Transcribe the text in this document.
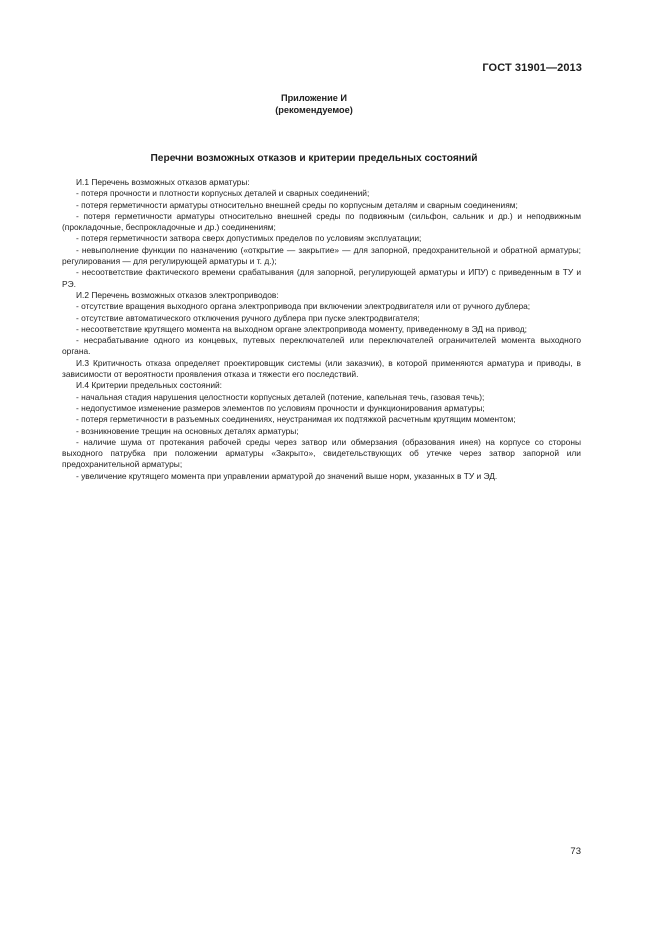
ГОСТ 31901—2013
Приложение И
(рекомендуемое)
Перечни возможных отказов и критерии предельных состояний

И.1 Перечень возможных отказов арматуры:

- потеря прочности и плотности корпусных деталей и сварных соединений;

- потеря герметичности арматуры относительно внешней среды по корпусным деталям и сварным соединениям;

- потеря герметичности арматуры относительно внешней среды по подвижным (сильфон, сальник и др.) и неподвижным (прокладочные, беспрокладочные и др.) соединениям;

- потеря герметичности затвора сверх допустимых пределов по условиям эксплуатации;

- невыполнение функции по назначению («открытие — закрытие» — для запорной, предохранительной и обратной арматуры; регулирования — для регулирующей арматуры и т. д.);

- несоответствие фактического времени срабатывания (для запорной, регулирующей арматуры и ИПУ) с приведенным в ТУ и РЭ.

И.2 Перечень возможных отказов электроприводов:

- отсутствие вращения выходного органа электропривода при включении электродвигателя или от ручного дублера;

- отсутствие автоматического отключения ручного дублера при пуске электродвигателя;

- несоответствие крутящего момента на выходном органе электропривода моменту, приведенному в ЭД на привод;

- несрабатывание одного из концевых, путевых переключателей или переключателей ограничителей момента выходного органа.

И.3 Критичность отказа определяет проектировщик системы (или заказчик), в которой применяются арматура и приводы, в зависимости от вероятности проявления отказа и тяжести его последствий.

И.4 Критерии предельных состояний:

- начальная стадия нарушения целостности корпусных деталей (потение, капельная течь, газовая течь);

- недопустимое изменение размеров элементов по условиям прочности и функционирования арматуры;

- потеря герметичности в разъемных соединениях, неустранимая их подтяжкой расчетным крутящим моментом;

- возникновение трещин на основных деталях арматуры;

- наличие шума от протекания рабочей среды через затвор или обмерзания (образования инея) на корпусе со стороны выходного патрубка при положении арматуры «Закрыто», свидетельствующих об утечке через затвор запорной или предохранительной арматуры;

- увеличение крутящего момента при управлении арматурой до значений выше норм, указанных в ТУ и ЭД.

73
